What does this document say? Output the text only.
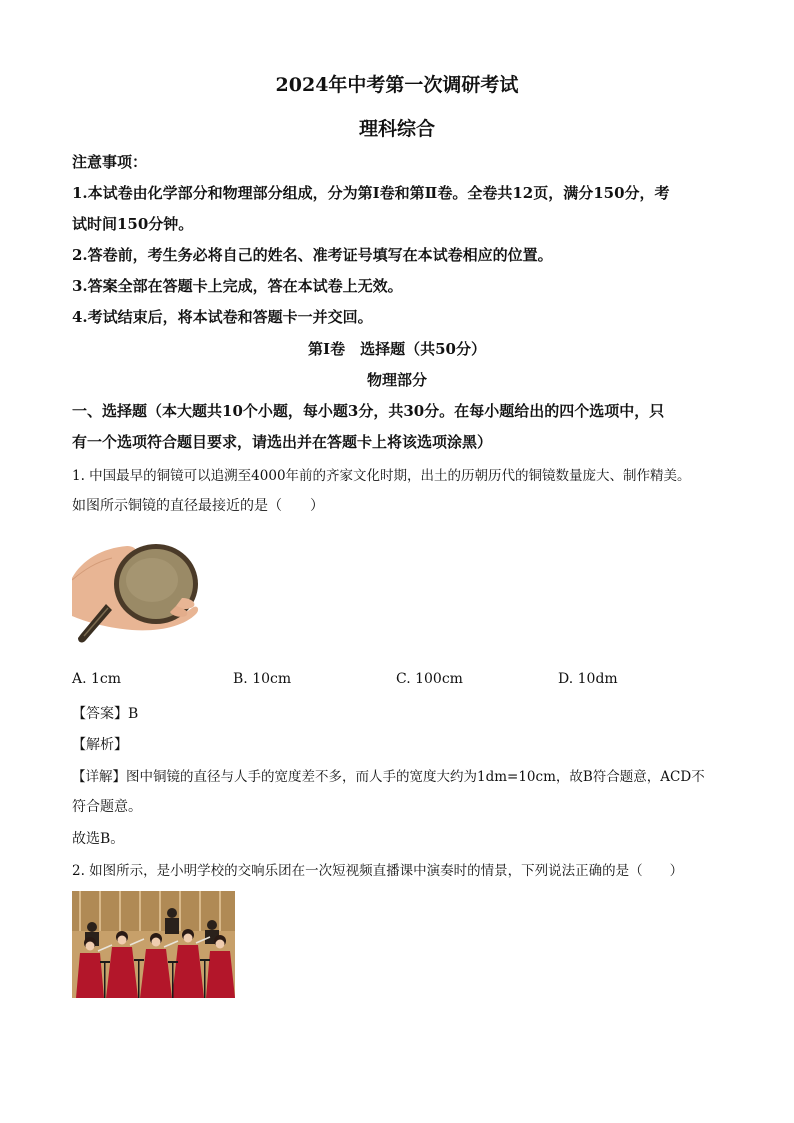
2024年中考第一次调研考试
理科综合
注意事项：
1.本试卷由化学部分和物理部分组成，分为第Ⅰ卷和第Ⅱ卷。全卷共12页，满分150分，考
试时间150分钟。
2.答卷前，考生务必将自己的姓名、准考证号填写在本试卷相应的位置。
3.答案全部在答题卡上完成，答在本试卷上无效。
4.考试结束后，将本试卷和答题卡一并交回。
第Ⅰ卷　选择题（共50分）
物理部分
一、选择题（本大题共10个小题，每小题3分，共30分。在每小题给出的四个选项中，只
有一个选项符合题目要求，请选出并在答题卡上将该选项涂黑）
1. 中国最早的铜镜可以追溯至4000年前的齐家文化时期，出土的历朝历代的铜镜数量庞大、制作精美。
如图所示铜镜的直径最接近的是（　　）
A. 1cm	B. 10cm	C. 100cm	D. 10dm
【答案】B
【解析】
【详解】图中铜镜的直径与人手的宽度差不多，而人手的宽度大约为1dm=10cm，故B符合题意，ACD不
符合题意。
故选B。
2. 如图所示，是小明学校的交响乐团在一次短视频直播课中演奏时的情景，下列说法正确的是（　　）
